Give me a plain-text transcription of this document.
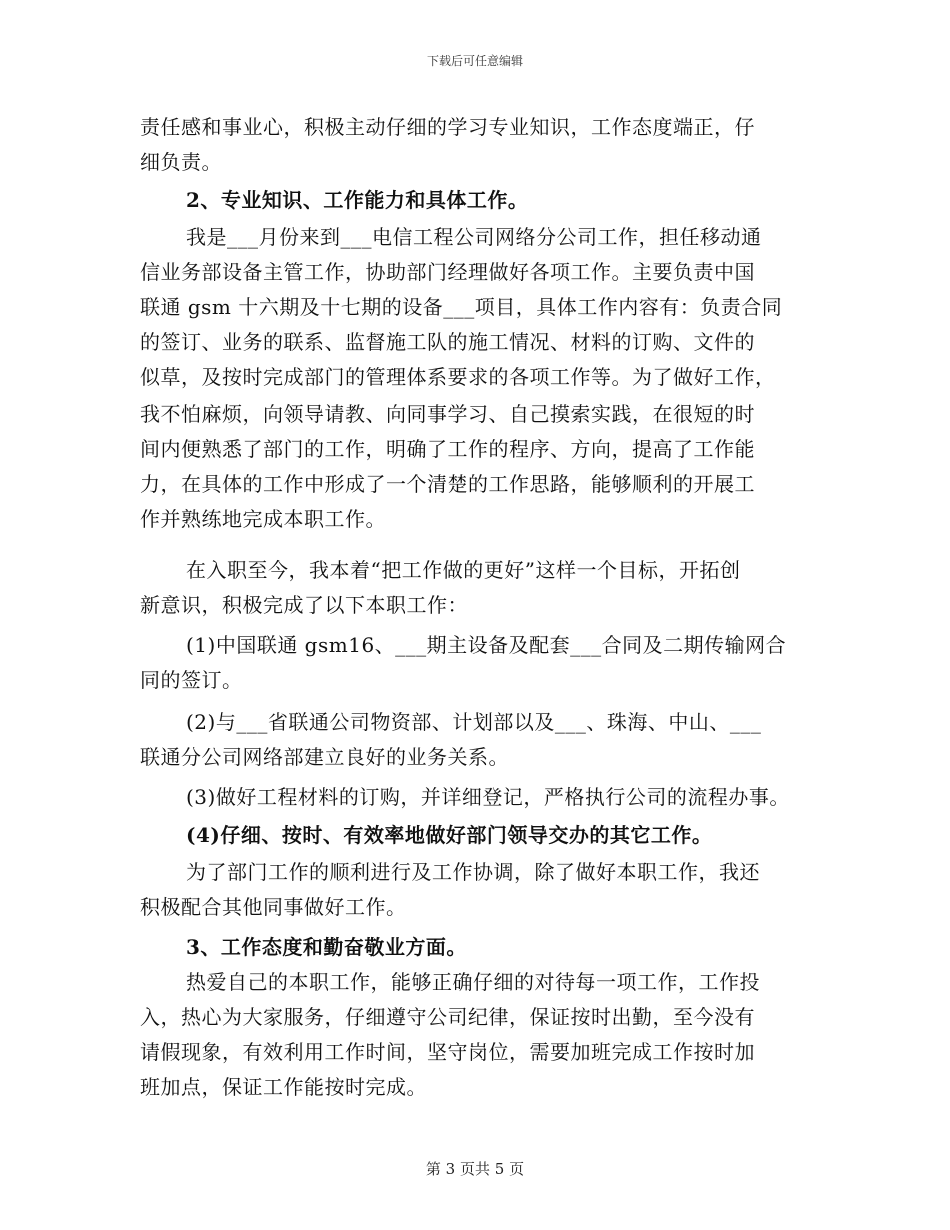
下载后可任意编辑
责任感和事业心，积极主动仔细的学习专业知识，工作态度端正，仔
细负责。
2、专业知识、工作能力和具体工作。
我是___月份来到___电信工程公司网络分公司工作，担任移动通
信业务部设备主管工作，协助部门经理做好各项工作。主要负责中国
联通 gsm 十六期及十七期的设备___项目，具体工作内容有：负责合同
的签订、业务的联系、监督施工队的施工情况、材料的订购、文件的
似草，及按时完成部门的管理体系要求的各项工作等。为了做好工作，
我不怕麻烦，向领导请教、向同事学习、自己摸索实践，在很短的时
间内便熟悉了部门的工作，明确了工作的程序、方向，提高了工作能
力，在具体的工作中形成了一个清楚的工作思路，能够顺利的开展工
作并熟练地完成本职工作。
在入职至今，我本着“把工作做的更好”这样一个目标，开拓创
新意识，积极完成了以下本职工作：
(1)中国联通 gsm16、___期主设备及配套___合同及二期传输网合
同的签订。
(2)与___省联通公司物资部、计划部以及___、珠海、中山、___
联通分公司网络部建立良好的业务关系。
(3)做好工程材料的订购，并详细登记，严格执行公司的流程办事。
(4)仔细、按时、有效率地做好部门领导交办的其它工作。
为了部门工作的顺利进行及工作协调，除了做好本职工作，我还
积极配合其他同事做好工作。
3、工作态度和勤奋敬业方面。
热爱自己的本职工作，能够正确仔细的对待每一项工作，工作投
入，热心为大家服务，仔细遵守公司纪律，保证按时出勤，至今没有
请假现象，有效利用工作时间，坚守岗位，需要加班完成工作按时加
班加点，保证工作能按时完成。
第 3 页共 5 页
